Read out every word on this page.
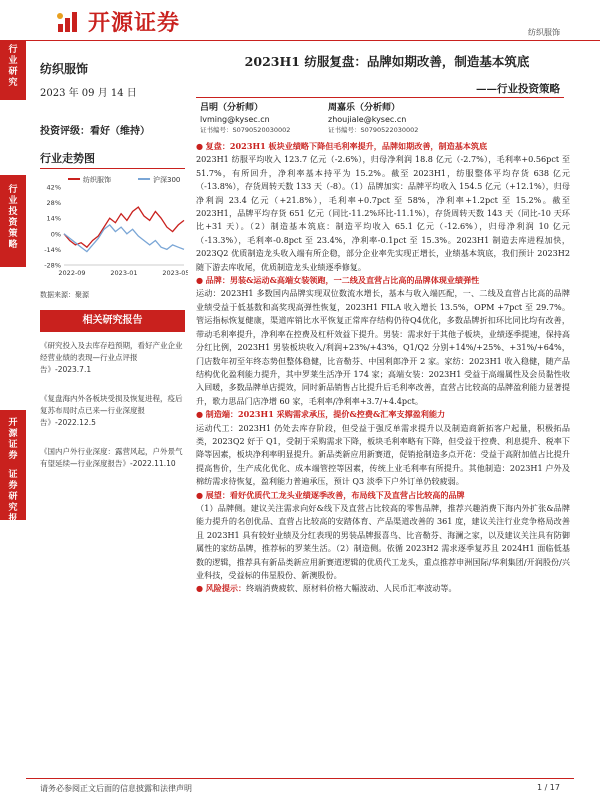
开源证券	纺织服饰
行
业
研
究
行
业
投
资
策
略
开
源
证
券
证
券
研
究
报
告
纺织服饰
2023 年 09 月 14 日
投资评级：看好（维持）
行业走势图
纺织服饰	沪深300
42%
28%
14%
0%
-14%
-28%
2022-09	2023-01	2023-05
数据来源：聚源
相关研究报告
《研究投入及去库存趋预期，看好产业企业经营业绩的表现—行业点评报告》-2023.7.1
《复盘海内外各板块受损及恢复进程，疫后复苏布局时点已来—行业深度报告》-2022.12.5
《国内户外行业深度：露营风起，户外景气有望延续—行业深度报告》-2022.11.10
2023H1 纺服复盘：品牌如期改善，制造基本筑底
——行业投资策略
吕明（分析师）
lvming@kysec.cn
证书编号：S0790520030002
周嘉乐（分析师）
zhoujiale@kysec.cn
证书编号：S0790522030002

● 复盘：2023H1 板块业绩略下降但毛利率提升，品牌如期改善，制造基本筑底

2023H1 纺服平均收入 123.7 亿元（-2.6%），归母净利润 18.8 亿元（-2.7%），毛利率+0.56pct 至 51.7%，有所回升，净利率基本持平为 15.2%。截至 2023H1，纺服整体平均存货 638 亿元（-13.8%），存货周转天数 133 天（-8）。（1）品牌加实：品牌平均收入 154.5 亿元（+12.1%），归母净利润 23.4 亿元（+21.8%），毛利率+0.7pct 至 58%，净利率+1.2pct 至 15.2%。截至 2023H1，品牌平均存货 651 亿元（同比-11.2%环比-11.1%），存货周转天数 143 天（同比-10 天环比+31 天）。（2）制造基本筑底：制造平均收入 65.1 亿元（-12.6%），归母净利润 10 亿元（-13.3%），毛利率-0.8pct 至 23.4%，净利率-0.1pct 至 15.3%。2023H1 制造去库进程加快，2023Q2 优质制造龙头收入端有所企稳，部分企业率先实现正增长，业绩基本筑底，我们预计 2023H2 随下游去库收尾，优质制造龙头业绩逐季修复。

● 品牌：男装&运动&高端女装领跑，一二线及直营占比高的品牌体现业绩弹性

运动：2023H1 多数国内品牌实现双位数流水增长，基本与收入端匹配，一、二线及直营占比高的品牌业绩受益于低基数和高奖现高弹性恢复，2023H1 FILA 收入增长 13.5%，OPM +7pct 至 29.7%。管运指标恢复健康，渠道库销比水平恢复正常库存结构仍待Q4优化，多数品牌折扣环比同比均有改善，带动毛利率提升，净利率在控费及杠杆效益下提升。男装：需求好于其他子板块，业绩逐季提速，保持高分红比例，2023H1 男装板块收入/利润+23%/+43%，Q1/Q2 分别+14%/+25%、+31%/+64%，门店数年初至年终态势但整体稳健，比音勒芬、中国利郎净开 2 家。家纺：2023H1 收入稳健，随产品结构优化盈利能力提升，其中罗莱生活净开 174 家；高端女装：2023H1 受益于高端属性及会员黏性收入回暖，多数品牌单店提效，同时新品销售占比提升后毛利率改善，直营占比较高的品牌盈利能力显著提升，歌力思品门店净增 60 家，毛利率/净利率+3.7/+4.4pct。

● 制造端：2023H1 采购需求承压，提价&控费&汇率支撑盈利能力

运动代工：2023H1 仍处去库存阶段，但受益于强反单需求提升以及制造商新拓客户起量，积极拓品类，2023Q2 好于 Q1，受制于采购需求下降，板块毛利率略有下降，但受益于控费、利息提升、税率下降等因素，板块净利率明显提升。新品类新应用新赛道，促销抢制造多点开花：受益于高附加值占比提升提高售价，生产成化优化、成本端管控等因素，传统上业毛利率有所提升。其他制造：2023H1 户外及棉纺需求待恢复，盈利能力普遍承压，预计 Q3 淡季下户外订单仍较疲弱。

● 展望：看好优质代工龙头业绩逐季改善，布局线下及直营占比较高的品牌

（1）品牌侧。建议关注需求向好&线下及直营占比较高的零售品牌，推荐兴趣消费下海内外扩张&品牌能力提升的名创优品、直营占比较高的安踏体育、产品渠道改善的 361 度，建议关注行业竞争格局改善且 2023H1 具有较好业绩及分红表现的男装品牌报喜鸟、比音勒芬、海澜之家，以及建议关注具有防御属性的家纺品牌，推荐标的罗莱生活。（2）制造侧。依循 2023H2 需求逐季复苏且 2024H1 面临低基数的逻辑，推荐具有新品类新应用新赛道逻辑的优质代工龙头，重点推荐申洲国际/华利集团/开润股份/兴业科技，受益标的伟星股份、新澳股份。

● 风险提示：终端消费疲软、原材料价格大幅波动、人民币汇率波动等。

请务必参阅正文后面的信息披露和法律声明	1 / 17
